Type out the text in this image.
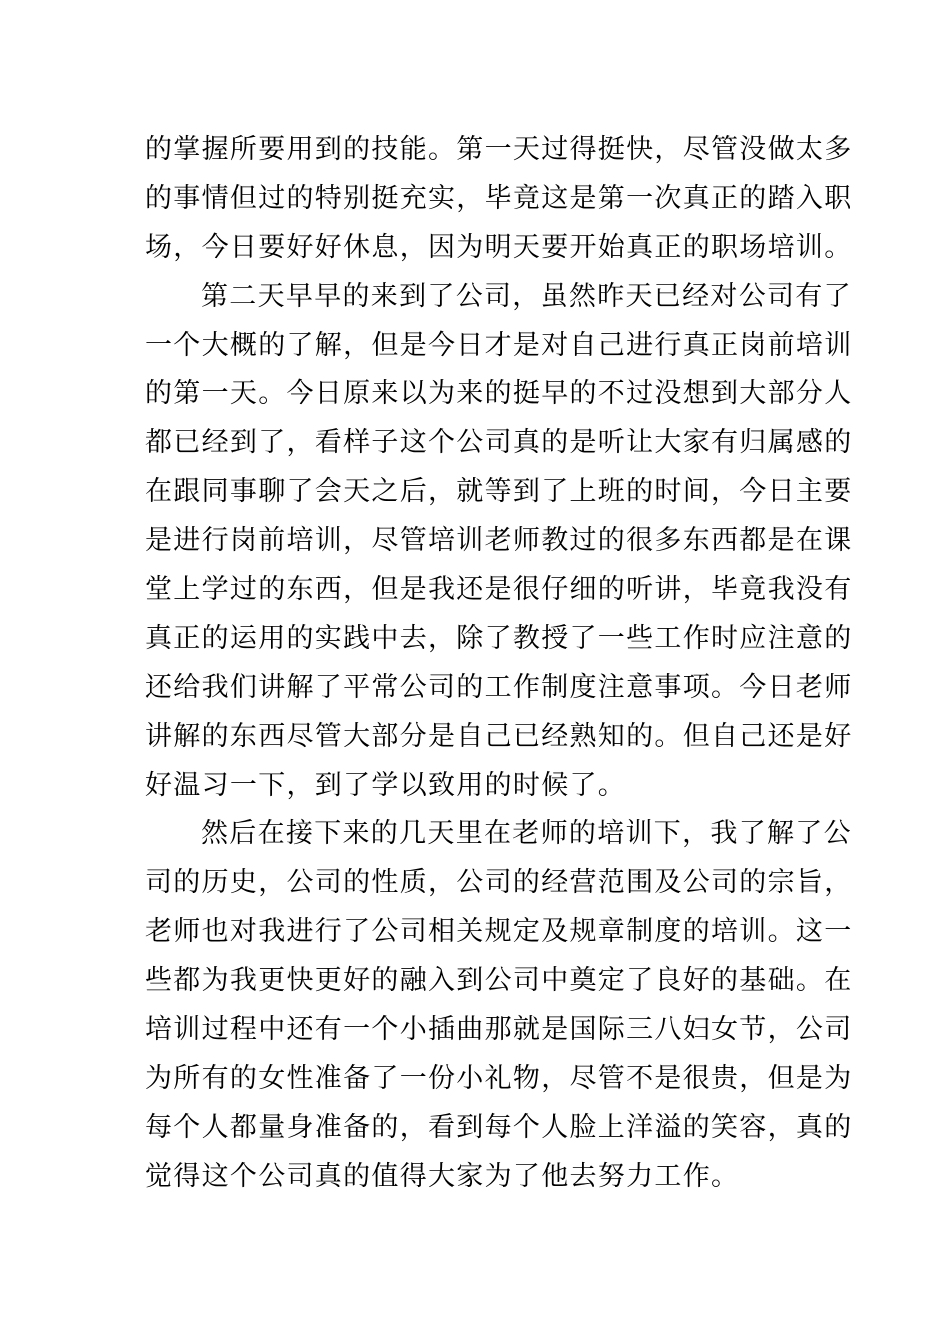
的掌握所要用到的技能。第一天过得挺快，尽管没做太多
的事情但过的特别挺充实，毕竟这是第一次真正的踏入职
场，今日要好好休息，因为明天要开始真正的职场培训。
第二天早早的来到了公司，虽然昨天已经对公司有了
一个大概的了解，但是今日才是对自己进行真正岗前培训
的第一天。今日原来以为来的挺早的不过没想到大部分人
都已经到了，看样子这个公司真的是听让大家有归属感的
在跟同事聊了会天之后，就等到了上班的时间，今日主要
是进行岗前培训，尽管培训老师教过的很多东西都是在课
堂上学过的东西，但是我还是很仔细的听讲，毕竟我没有
真正的运用的实践中去，除了教授了一些工作时应注意的
还给我们讲解了平常公司的工作制度注意事项。今日老师
讲解的东西尽管大部分是自己已经熟知的。但自己还是好
好温习一下，到了学以致用的时候了。
然后在接下来的几天里在老师的培训下，我了解了公
司的历史，公司的性质，公司的经营范围及公司的宗旨，
老师也对我进行了公司相关规定及规章制度的培训。这一
些都为我更快更好的融入到公司中奠定了良好的基础。在
培训过程中还有一个小插曲那就是国际三八妇女节，公司
为所有的女性准备了一份小礼物，尽管不是很贵，但是为
每个人都量身准备的，看到每个人脸上洋溢的笑容，真的
觉得这个公司真的值得大家为了他去努力工作。
